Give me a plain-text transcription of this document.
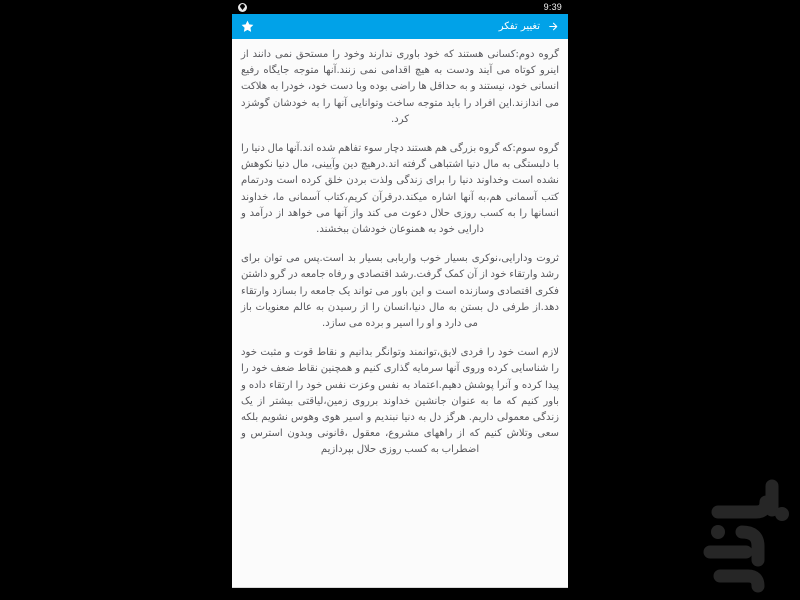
9:39
تغییر تفکر

گروه دوم:کسانی هستند که خود باوری ندارند وخود را مستحق نمی دانند از اینرو کوتاه می آیند ودست به هیچ اقدامی نمی زنند.آنها متوجه جایگاه رفیع انسانی خود، نیستند و به حداقل ها راضی بوده وبا دست خود، خودرا به هلاکت می اندازند.این افراد را باید متوجه ساخت وتوانایی آنها را به خودشان گوشزد کرد.

گروه سوم:که گروه بزرگی هم هستند دچار سوء تفاهم شده اند.آنها مال دنیا را با دلبستگی به مال دنیا اشتباهی گرفته اند.درهیچ دین وآیینی، مال دنیا نکوهش نشده است وخداوند دنیا را برای زندگی ولذت بردن خلق کرده است ودرتمام کتب آسمانی هم،به آنها اشاره میکند.درقرآن کریم،کتاب آسمانی ما، خداوند انسانها را به کسب روزی حلال دعوت می کند واز آنها می خواهد از درآمد و دارایی خود به همنوعان خودشان ببخشند.

ثروت ودارایی،نوکری بسیار خوب واربابی بسیار بد است.پس می توان برای رشد وارتقاء خود از آن کمک گرفت.رشد اقتصادی و رفاه جامعه در گرو داشتن فکری اقتصادی وسازنده است و این باور می تواند یک جامعه را بسازد وارتقاء دهد.از طرفی دل بستن به مال دنیا،انسان را از رسیدن به عالم معنویات باز می دارد و او را اسیر و برده می سازد.

لازم است خود را فردی لایق،توانمند وتوانگر بدانیم و نقاط قوت و مثبت خود را شناسایی کرده وروی آنها سرمایه گذاری کنیم و همچنین نقاط ضعف خود را پیدا کرده و آنرا پوشش دهیم.اعتماد به نفس وعزت نفس خود را ارتقاء داده و باور کنیم که ما به عنوان جانشین خداوند برروی زمین،لیاقتی بیشتر از یک زندگی معمولی داریم. هرگز دل به دنیا نبندیم و اسیر هوی وهوس نشویم بلکه سعی وتلاش کنیم که از راههای مشروع، معقول ،قانونی وبدون استرس و اضطراب به کسب روزی حلال بپردازیم
